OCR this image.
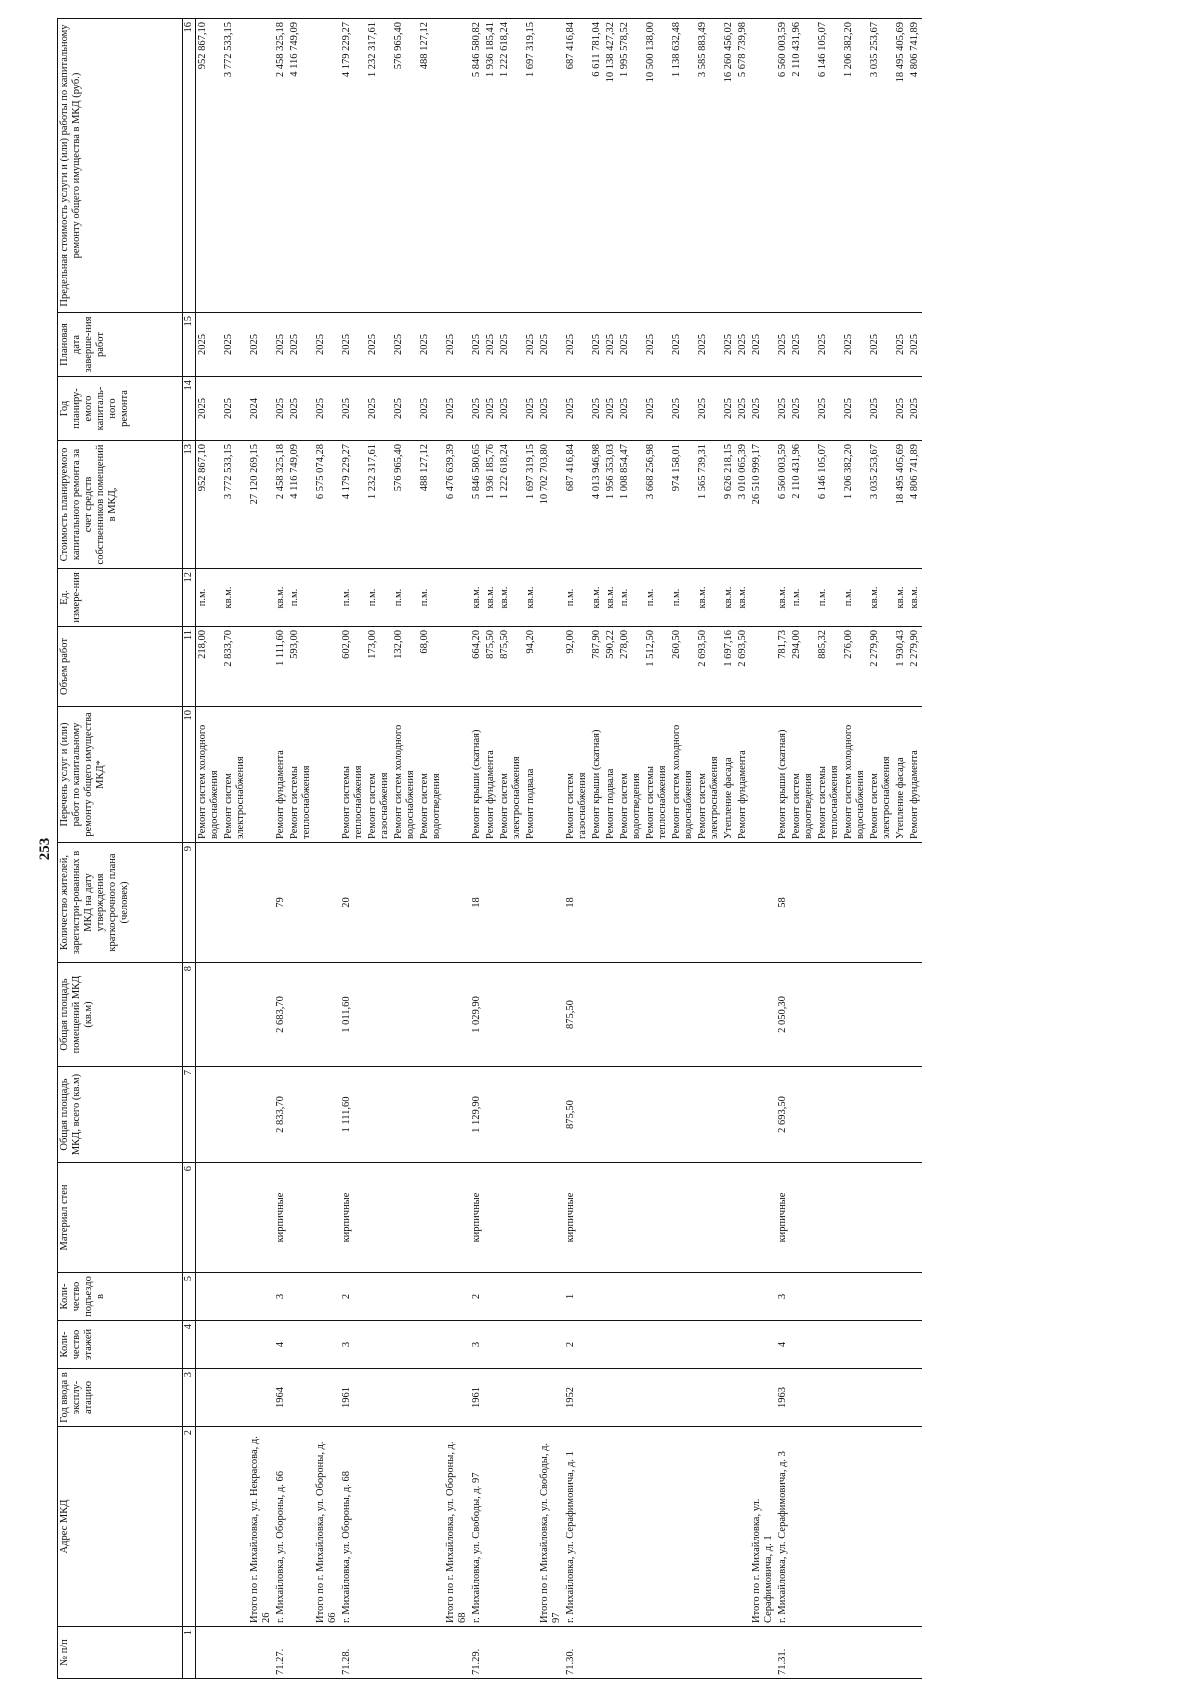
253
№ п/п	Адрес МКД	Год ввода в эксплу-атацию	Коли-чество этажей	Коли-чество подъездо в	Материал стен	Общая площадь МКД, всего (кв.м)	Общая площадь помещений МКД (кв.м)	Количество жителей, зарегистри-рованных в МКД на дату утверждения краткосрочного плана (человек)	Перечень услуг и (или) работ по капитальному ремонту общего имущества МКД*	Объем работ	Ед. измере-ния	Стоимость планируемого капитального ремонта за счет средств собственников помещений в МКД,	Год планиру-емого капиталь-ного ремонта	Плановая дата заверше-ния работ	Предельная стоимость услуги и (или) работы по капитальному ремонту общего имущества в МКД (руб.)
1	2	3	4	5	6	7	8	9	10	11	12	13	14	15	16
									Ремонт систем холодного водоснабжения	218,00	п.м.	952 867,10	2025	2025	952 867,10
									Ремонт систем электроснабжения	2 833,70	кв.м.	3 772 533,15	2025	2025	3 772 533,15
	Итого по г. Михайловка, ул. Некрасова, д. 26											27 120 269,15	2024	2025	
71.27.	г. Михайловка, ул. Обороны, д. 66	1964	4	3	кирпичные	2 833,70	2 683,70	79	Ремонт фундамента	1 111,60	кв.м.	2 458 325,18	2025	2025	2 458 325,18
									Ремонт системы теплоснабжения	593,00	п.м.	4 116 749,09	2025	2025	4 116 749,09
	Итого по г. Михайловка, ул. Обороны, д. 66											6 575 074,28	2025	2025	
71.28.	г. Михайловка, ул. Обороны, д. 68	1961	3	2	кирпичные	1 111,60	1 011,60	20	Ремонт системы теплоснабжения	602,00	п.м.	4 179 229,27	2025	2025	4 179 229,27
									Ремонт систем газоснабжения	173,00	п.м.	1 232 317,61	2025	2025	1 232 317,61
									Ремонт систем холодного водоснабжения	132,00	п.м.	576 965,40	2025	2025	576 965,40
									Ремонт систем водоотведения	68,00	п.м.	488 127,12	2025	2025	488 127,12
	Итого по г. Михайловка, ул. Обороны, д. 68											6 476 639,39	2025	2025	
71.29.	г. Михайловка, ул. Свободы, д. 97	1961	3	2	кирпичные	1 129,90	1 029,90	18	Ремонт крыши (скатная)	664,20	кв.м.	5 846 580,65	2025	2025	5 846 580,82
									Ремонт фундамента	875,50	кв.м.	1 936 185,76	2025	2025	1 936 185,41
									Ремонт систем электроснабжения	875,50	кв.м.	1 222 618,24	2025	2025	1 222 618,24
									Ремонт подвала	94,20	кв.м.	1 697 319,15	2025	2025	1 697 319,15
	Итого по г. Михайловка, ул. Свободы, д. 97											10 702 703,80	2025	2025	
71.30.	г. Михайловка, ул. Серафимовича, д. 1	1952	2	1	кирпичные	875,50	875,50	18	Ремонт систем газоснабжения	92,00	п.м.	687 416,84	2025	2025	687 416,84
									Ремонт крыши (скатная)	787,90	кв.м.	4 013 946,98	2025	2025	6 611 781,04
									Ремонт подвала	590,22	кв.м.	1 956 353,03	2025	2025	10 138 427,32
									Ремонт систем водоотведения	278,00	п.м.	1 008 854,47	2025	2025	1 995 578,52
									Ремонт системы теплоснабжения	1 512,50	п.м.	3 668 256,98	2025	2025	10 500 138,00
									Ремонт систем холодного водоснабжения	260,50	п.м.	974 158,01	2025	2025	1 138 632,48
									Ремонт систем электроснабжения	2 693,50	кв.м.	1 565 739,31	2025	2025	3 585 883,49
									Утепление фасада	1 697,16	кв.м.	9 626 218,15	2025	2025	16 260 456,02
									Ремонт фундамента	2 693,50	кв.м.	3 010 065,39	2025	2025	5 678 739,98
	Итого по г. Михайловка, ул. Серафимовича, д. 1											26 510 999,17	2025	2025	
71.31.	г. Михайловка, ул. Серафимовича, д. 3	1963	4	3	кирпичные	2 693,50	2 050,30	58	Ремонт крыши (скатная)	781,73	кв.м.	6 560 003,59	2025	2025	6 560 003,59
									Ремонт систем водоотведения	294,00	п.м.	2 110 431,96	2025	2025	2 110 431,96
									Ремонт системы теплоснабжения	885,32	п.м.	6 146 105,07	2025	2025	6 146 105,07
									Ремонт систем холодного водоснабжения	276,00	п.м.	1 206 382,20	2025	2025	1 206 382,20
									Ремонт систем электроснабжения	2 279,90	кв.м.	3 035 253,67	2025	2025	3 035 253,67
									Утепление фасада	1 930,43	кв.м.	18 495 405,69	2025	2025	18 495 405,69
									Ремонт фундамента	2 279,90	кв.м.	4 806 741,89	2025	2025	4 806 741,89
